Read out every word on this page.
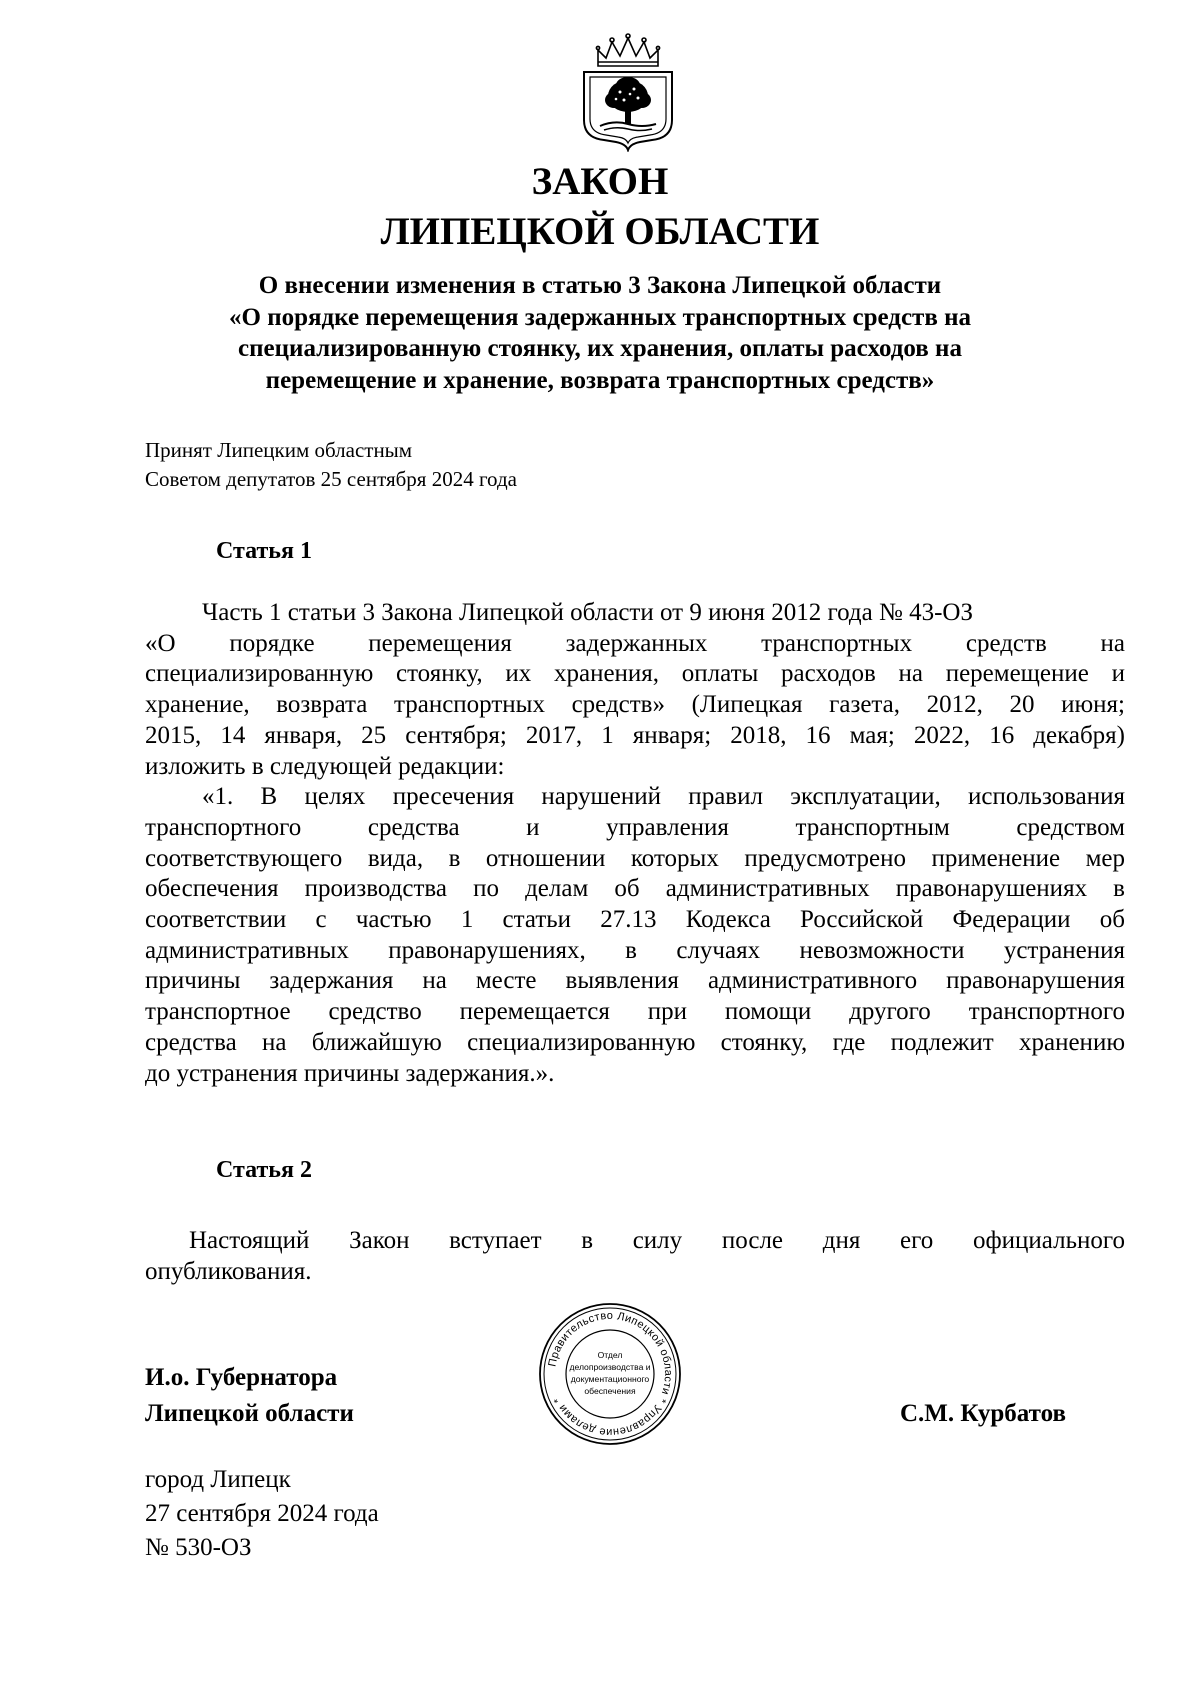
ЗАКОН
ЛИПЕЦКОЙ ОБЛАСТИ
О внесении изменения в статью 3 Закона Липецкой области
«О порядке перемещения задержанных транспортных средств на
специализированную стоянку, их хранения, оплаты расходов на
перемещение и хранение, возврата транспортных средств»
Принят Липецким областным
Советом депутатов 25 сентября 2024 года
Статья 1
Часть 1 статьи 3 Закона Липецкой области от 9 июня 2012 года № 43-ОЗ
«О порядке перемещения задержанных транспортных средств на
специализированную стоянку, их хранения, оплаты расходов на перемещение и
хранение, возврата транспортных средств» (Липецкая газета, 2012, 20 июня;
2015, 14 января, 25 сентября; 2017, 1 января; 2018, 16 мая; 2022, 16 декабря)
изложить в следующей редакции:
«1. В целях пресечения нарушений правил эксплуатации, использования
транспортного средства и управления транспортным средством
соответствующего вида, в отношении которых предусмотрено применение мер
обеспечения производства по делам об административных правонарушениях в
соответствии с частью 1 статьи 27.13 Кодекса Российской Федерации об
административных правонарушениях, в случаях невозможности устранения
причины задержания на месте выявления административного правонарушения
транспортное средство перемещается при помощи другого транспортного
средства на ближайшую специализированную стоянку, где подлежит хранению
до устранения причины задержания.».
Статья 2
Настоящий Закон вступает в силу после дня его официального
опубликования.
И.о. Губернатора
Липецкой области	С.М. Курбатов
Правительство Липецкой области * Управление делами *
Отдел
делопроизводства и
документационного
обеспечения
город Липецк
27 сентября 2024 года
№ 530-ОЗ
